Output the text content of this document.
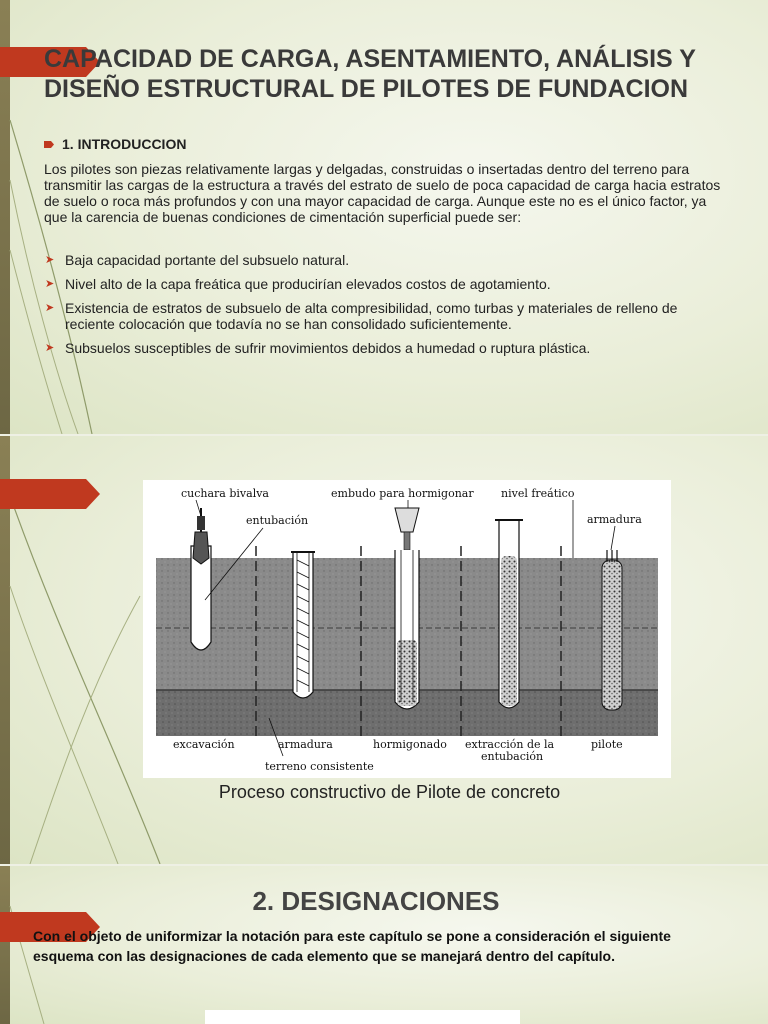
CAPACIDAD DE CARGA, ASENTAMIENTO, ANÁLISIS Y DISEÑO ESTRUCTURAL DE PILOTES DE FUNDACION
1. INTRODUCCION

Los pilotes son piezas relativamente largas y delgadas, construidas o insertadas dentro del terreno para transmitir las cargas de la estructura a través del estrato de suelo de poca capacidad de carga hacia estratos de suelo o roca más profundos y con una mayor capacidad de carga. Aunque este no es el único factor, ya que la carencia de buenas condiciones de cimentación superficial puede ser:

➤ Baja capacidad portante del subsuelo natural.
➤ Nivel alto de la capa freática que producirían elevados costos de agotamiento.
➤ Existencia de estratos de subsuelo de alta compresibilidad, como turbas y materiales de relleno de reciente colocación que todavía no se han consolidado suficientemente.
➤ Subsuelos susceptibles de sufrir movimientos debidos a humedad o ruptura plástica.
cuchara bivalva	embudo para hormigonar nivel freático
entubación	armadura
excavación	armadura	hormigonado extracción de la
entubación
pilote
terreno consistente
Proceso constructivo de Pilote de concreto
2. DESIGNACIONES

Con el objeto de uniformizar la notación para este capítulo se pone a consideración el siguiente esquema con las designaciones de cada elemento que se manejará dentro del capítulo.
